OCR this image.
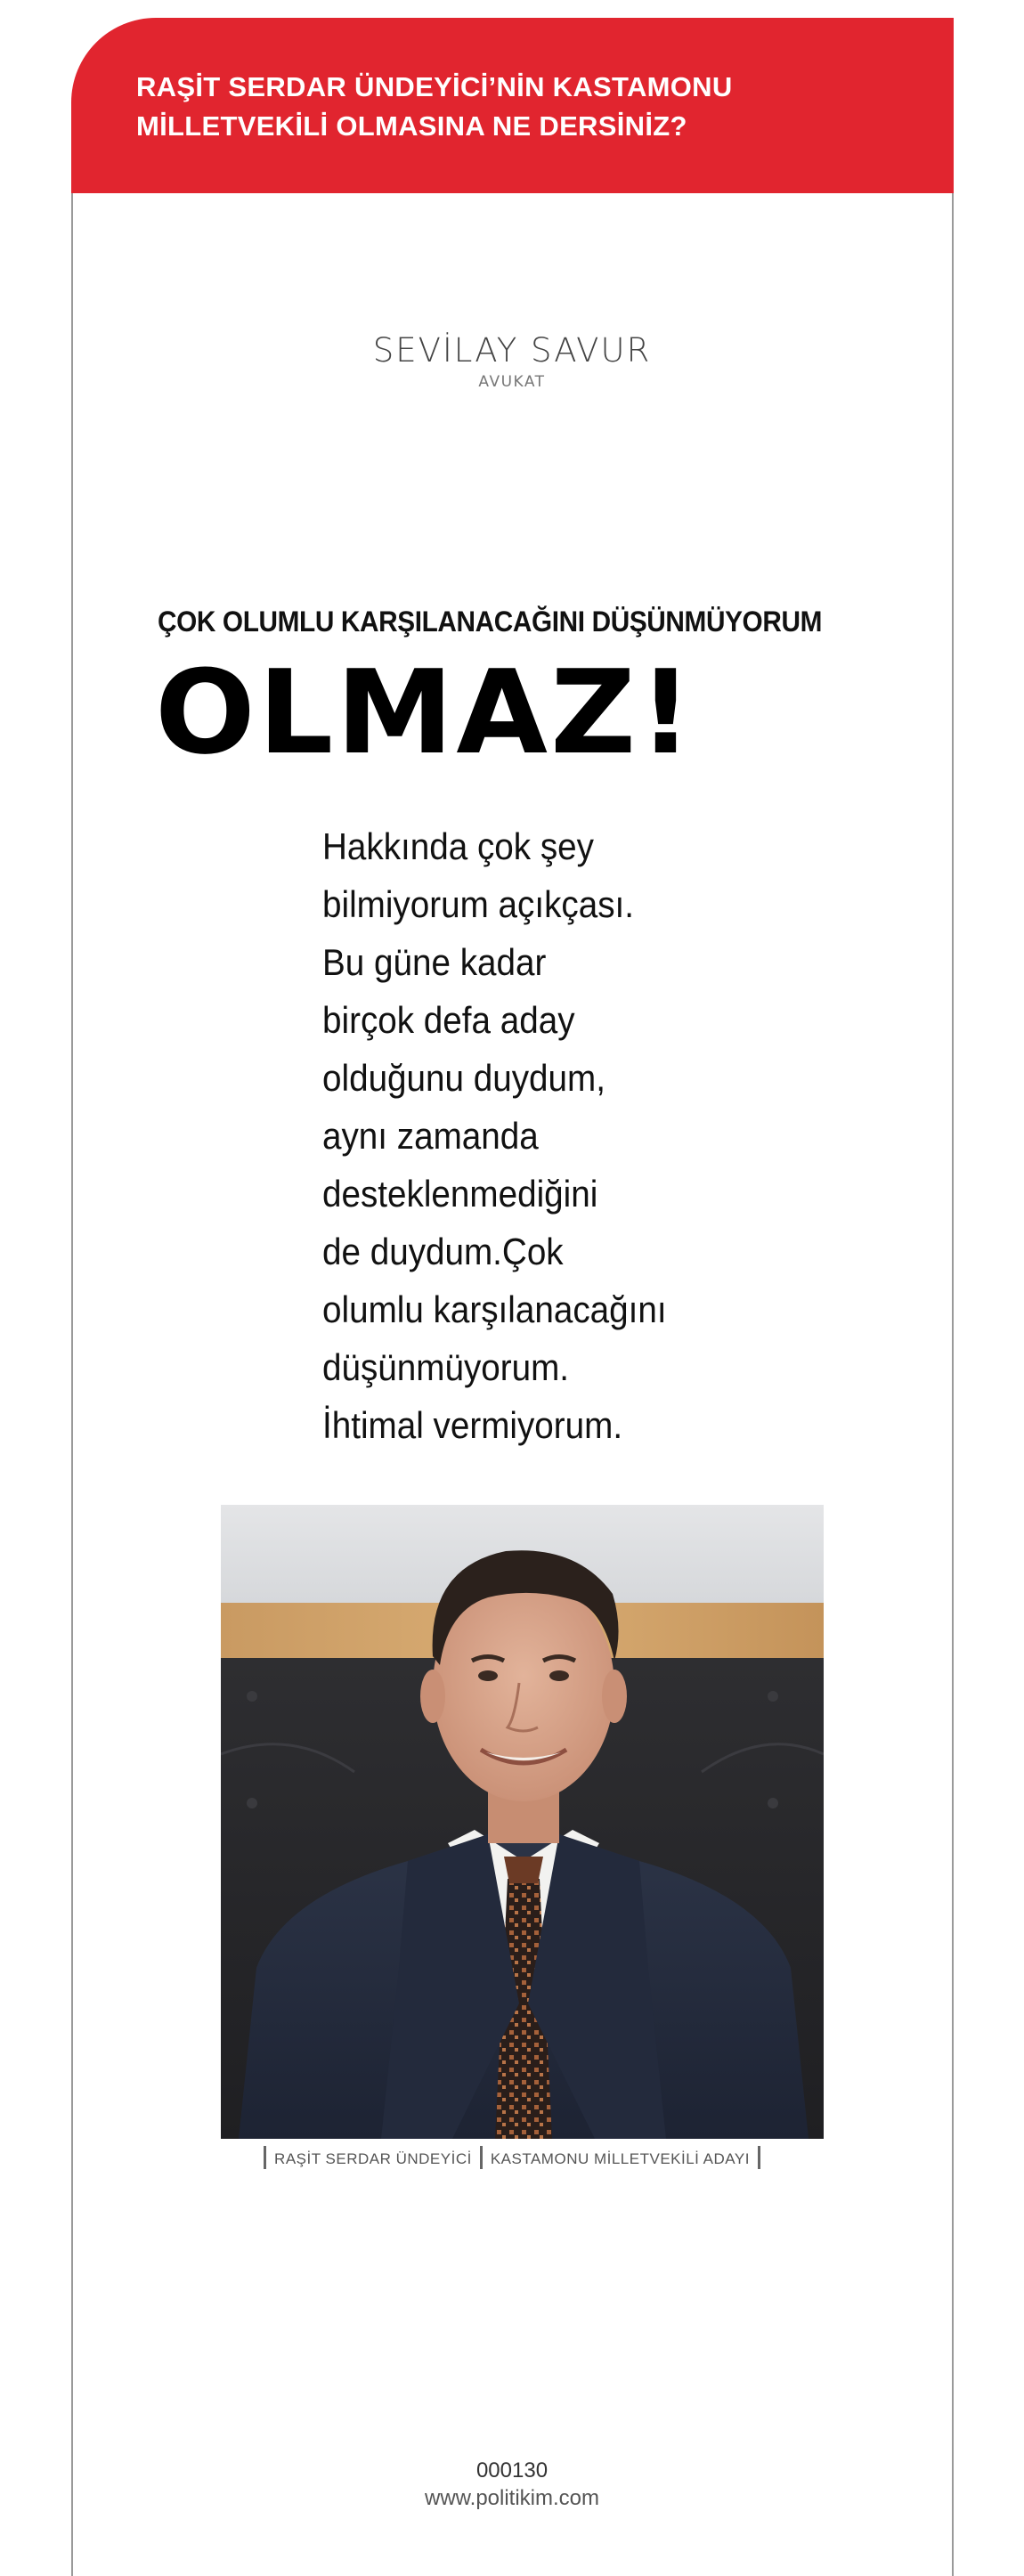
RAŞİT SERDAR ÜNDEYİCİ’NİN KASTAMONU
MİLLETVEKİLİ OLMASINA NE DERSİNİZ?
SEVİLAY SAVUR
AVUKAT
ÇOK OLUMLU KARŞILANACAĞINI DÜŞÜNMÜYORUM
OLMAZ!
Hakkında çok şey
bilmiyorum açıkçası.
Bu güne kadar
birçok defa aday
olduğunu duydum,
aynı zamanda
desteklenmediğini
de duydum.Çok
olumlu karşılanacağını
düşünmüyorum.
İhtimal vermiyorum.
RAŞİT SERDAR ÜNDEYİCİ KASTAMONU MİLLETVEKİLİ ADAYI
000130
www.politikim.com
